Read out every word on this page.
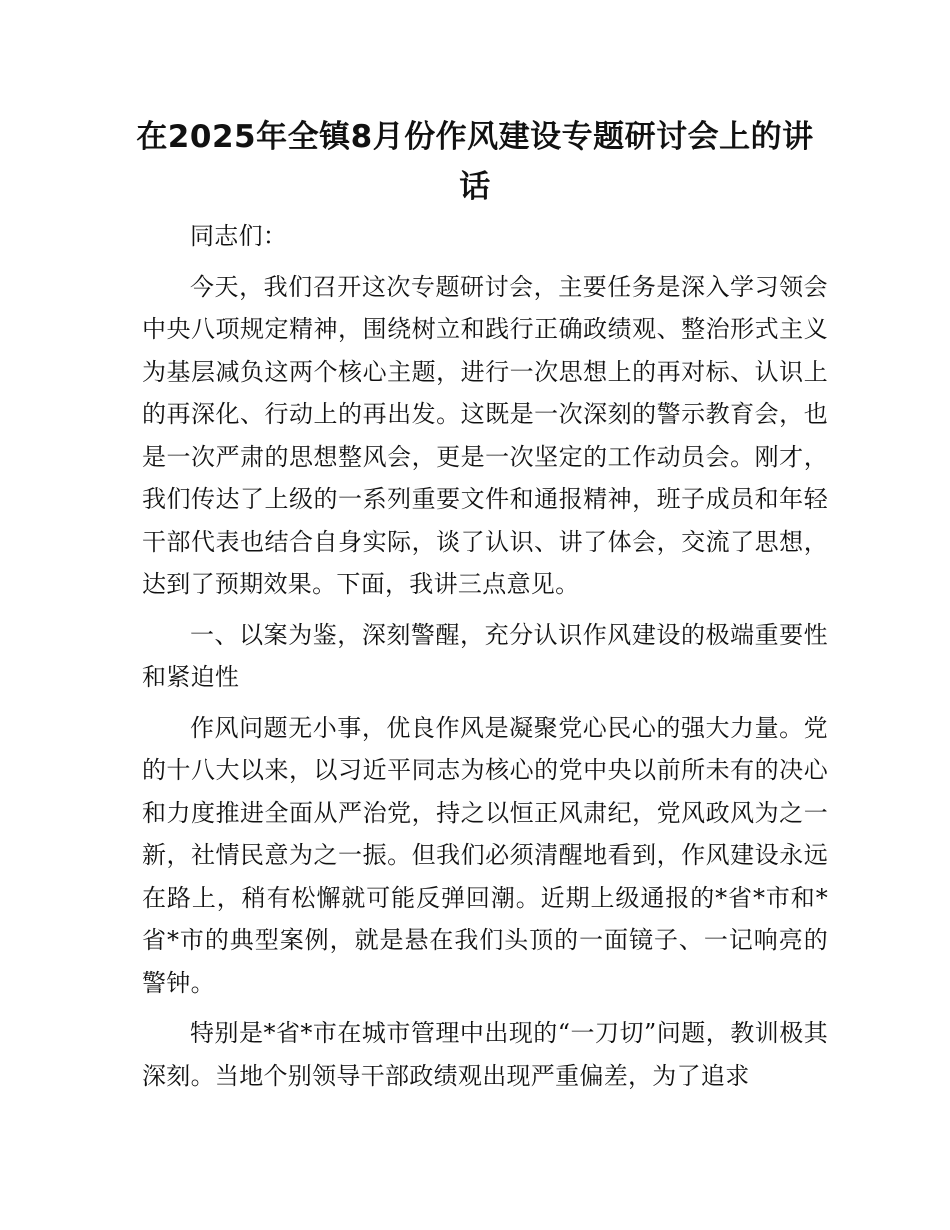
在2025年全镇8月份作风建设专题研讨会上的讲话

同志们：

今天，我们召开这次专题研讨会，主要任务是深入学习领会中央八项规定精神，围绕树立和践行正确政绩观、整治形式主义为基层减负这两个核心主题，进行一次思想上的再对标、认识上的再深化、行动上的再出发。这既是一次深刻的警示教育会，也是一次严肃的思想整风会，更是一次坚定的工作动员会。刚才，我们传达了上级的一系列重要文件和通报精神，班子成员和年轻干部代表也结合自身实际，谈了认识、讲了体会，交流了思想，达到了预期效果。下面，我讲三点意见。

一、以案为鉴，深刻警醒，充分认识作风建设的极端重要性和紧迫性

作风问题无小事，优良作风是凝聚党心民心的强大力量。党的十八大以来，以习近平同志为核心的党中央以前所未有的决心和力度推进全面从严治党，持之以恒正风肃纪，党风政风为之一新，社情民意为之一振。但我们必须清醒地看到，作风建设永远在路上，稍有松懈就可能反弹回潮。近期上级通报的*省*市和*省*市的典型案例，就是悬在我们头顶的一面镜子、一记响亮的警钟。

特别是*省*市在城市管理中出现的“一刀切”问题，教训极其深刻。当地个别领导干部政绩观出现严重偏差，为了追求
